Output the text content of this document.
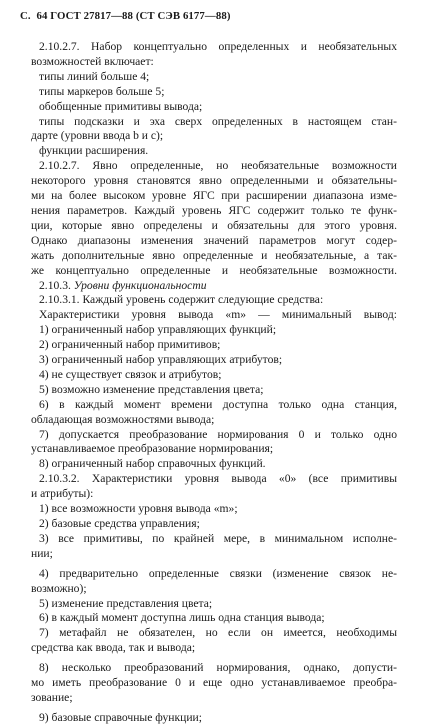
С. 64 ГОСТ 27817—88 (СТ СЭВ 6177—88)
2.10.2.7. Набор концептуально определенных и необязательных
возможностей включает:
типы линий больше 4;
типы маркеров больше 5;
обобщенные примитивы вывода;
типы подсказки и эха сверх определенных в настоящем стан-
дарте (уровни ввода b и с);
функции расширения.
2.10.2.7. Явно определенные, но необязательные возможности
некоторого уровня становятся явно определенными и обязательны-
ми на более высоком уровне ЯГС при расширении диапазона изме-
нения параметров. Каждый уровень ЯГС содержит только те функ-
ции, которые явно определены и обязательны для этого уровня.
Однако диапазоны изменения значений параметров могут содер-
жать дополнительные явно определенные и необязательные, а так-
же концептуально определенные и необязательные возможности.
2.10.3. Уровни функциональности
2.10.3.1. Каждый уровень содержит следующие средства:
Характеристики уровня вывода «m» — минимальный вывод:
1) ограниченный набор управляющих функций;
2) ограниченный набор примитивов;
3) ограниченный набор управляющих атрибутов;
4) не существует связок и атрибутов;
5) возможно изменение представления цвета;
6) в каждый момент времени доступна только одна станция,
обладающая возможностями вывода;
7) допускается преобразование нормирования 0 и только одно
устанавливаемое преобразование нормирования;
8) ограниченный набор справочных функций.
2.10.3.2. Характеристики уровня вывода «0» (все примитивы
и атрибуты):
1) все возможности уровня вывода «m»;
2) базовые средства управления;
3) все примитивы, по крайней мере, в минимальном исполне-
нии;
4) предварительно определенные связки (изменение связок не-
возможно);
5) изменение представления цвета;
6) в каждый момент доступна лишь одна станция вывода;
7) метафайл не обязателен, но если он имеется, необходимы
средства как ввода, так и вывода;
8) несколько преобразований нормирования, однако, допусти-
мо иметь преобразование 0 и еще одно устанавливаемое преобра-
зование;
9) базовые справочные функции;
